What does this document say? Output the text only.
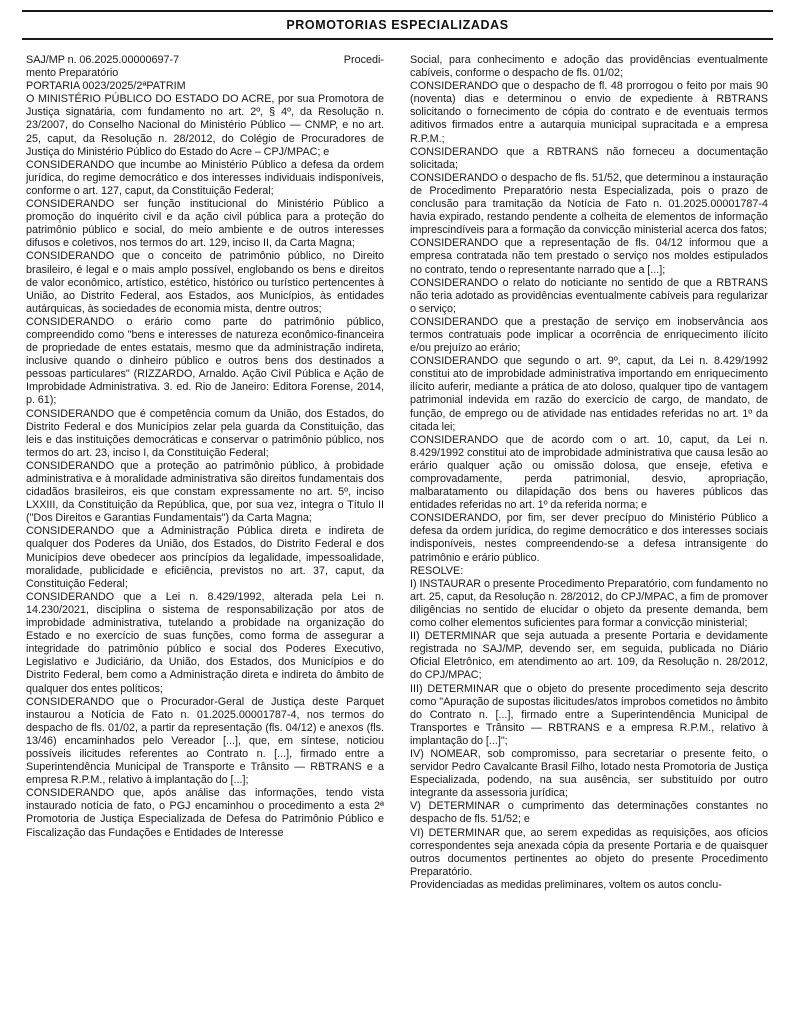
PROMOTORIAS ESPECIALIZADAS
SAJ/MP n. 06.2025.00000697-7	Procedi-

mento Preparatório

PORTARIA 0023/2025/2ªPATRIM

O MINISTÉRIO PÚBLICO DO ESTADO DO ACRE, por sua Promotora de Justiça signatária, com fundamento no art. 2º, § 4º, da Resolução n. 23/2007, do Conselho Nacional do Ministério Público — CNMP, e no art. 25, caput, da Resolução n. 28/2012, do Colégio de Procuradores de Justiça do Ministério Público do Estado do Acre – CPJ/MPAC; e

CONSIDERANDO que incumbe ao Ministério Público a defesa da ordem jurídica, do regime democrático e dos interesses individuais indisponíveis, conforme o art. 127, caput, da Constituição Federal;

CONSIDERANDO ser função institucional do Ministério Público a promoção do inquérito civil e da ação civil pública para a proteção do patrimônio público e social, do meio ambiente e de outros interesses difusos e coletivos, nos termos do art. 129, inciso II, da Carta Magna;

CONSIDERANDO que o conceito de patrimônio público, no Direito brasileiro, é legal e o mais amplo possível, englobando os bens e direitos de valor econômico, artístico, estético, histórico ou turístico pertencentes à União, ao Distrito Federal, aos Estados, aos Municípios, às entidades autárquicas, às sociedades de economia mista, dentre outros;

CONSIDERANDO o erário como parte do patrimônio público, compreendido como "bens e interesses de natureza econômico-financeira de propriedade de entes estatais, mesmo que da administração indireta, inclusive quando o dinheiro público e outros bens dos destinados a pessoas particulares" (RIZZARDO, Arnaldo. Ação Civil Pública e Ação de Improbidade Administrativa. 3. ed. Rio de Janeiro: Editora Forense, 2014, p. 61);

CONSIDERANDO que é competência comum da União, dos Estados, do Distrito Federal e dos Municípios zelar pela guarda da Constituição, das leis e das instituições democráticas e conservar o patrimônio público, nos termos do art. 23, inciso I, da Constituição Federal;

CONSIDERANDO que a proteção ao patrimônio público, à probidade administrativa e à moralidade administrativa são direitos fundamentais dos cidadãos brasileiros, eis que constam expressamente no art. 5º, inciso LXXIII, da Constituição da República, que, por sua vez, integra o Título II ("Dos Direitos e Garantias Fundamentais") da Carta Magna;

CONSIDERANDO que a Administração Pública direta e indireta de qualquer dos Poderes da União, dos Estados, do Distrito Federal e dos Municípios deve obedecer aos princípios da legalidade, impessoalidade, moralidade, publicidade e eficiência, previstos no art. 37, caput, da Constituição Federal;

CONSIDERANDO que a Lei n. 8.429/1992, alterada pela Lei n. 14.230/2021, disciplina o sistema de responsabilização por atos de improbidade administrativa, tutelando a probidade na organização do Estado e no exercício de suas funções, como forma de assegurar a integridade do patrimônio público e social dos Poderes Executivo, Legislativo e Judiciário, da União, dos Estados, dos Municípios e do Distrito Federal, bem como a Administração direta e indireta do âmbito de qualquer dos entes políticos;

CONSIDERANDO que o Procurador-Geral de Justiça deste Parquet instaurou a Notícia de Fato n. 01.2025.00001787-4, nos termos do despacho de fls. 01/02, a partir da representação (fls. 04/12) e anexos (fls. 13/46) encaminhados pelo Vereador [...], que, em síntese, noticiou possíveis ilicitudes referentes ao Contrato n. [...], firmado entre a Superintendência Municipal de Transporte e Trânsito — RBTRANS e a empresa R.P.M., relativo à implantação do [...];

CONSIDERANDO que, após análise das informações, tendo vista instaurado notícia de fato, o PGJ encaminhou o procedimento a esta 2ª Promotoria de Justiça Especializada de Defesa do Patrimônio Público e Fiscalização das Fundações e Entidades de Interesse

Social, para conhecimento e adoção das providências eventualmente cabíveis, conforme o despacho de fls. 01/02;

CONSIDERANDO que o despacho de fl. 48 prorrogou o feito por mais 90 (noventa) dias e determinou o envio de expediente à RBTRANS solicitando o fornecimento de cópia do contrato e de eventuais termos aditivos firmados entre a autarquia municipal supracitada e a empresa R.P.M.;

CONSIDERANDO que a RBTRANS não forneceu a documentação solicitada;

CONSIDERANDO o despacho de fls. 51/52, que determinou a instauração de Procedimento Preparatório nesta Especializada, pois o prazo de conclusão para tramitação da Notícia de Fato n. 01.2025.00001787-4 havia expirado, restando pendente a colheita de elementos de informação imprescindíveis para a formação da convicção ministerial acerca dos fatos;

CONSIDERANDO que a representação de fls. 04/12 informou que a empresa contratada não tem prestado o serviço nos moldes estipulados no contrato, tendo o representante narrado que a [...];

CONSIDERANDO o relato do noticiante no sentido de que a RBTRANS não teria adotado as providências eventualmente cabíveis para regularizar o serviço;

CONSIDERANDO que a prestação de serviço em inobservância aos termos contratuais pode implicar a ocorrência de enriquecimento ilícito e/ou prejuízo ao erário;

CONSIDERANDO que segundo o art. 9º, caput, da Lei n. 8.429/1992 constitui ato de improbidade administrativa importando em enriquecimento ilícito auferir, mediante a prática de ato doloso, qualquer tipo de vantagem patrimonial indevida em razão do exercício de cargo, de mandato, de função, de emprego ou de atividade nas entidades referidas no art. 1º da citada lei;

CONSIDERANDO que de acordo com o art. 10, caput, da Lei n. 8.429/1992 constitui ato de improbidade administrativa que causa lesão ao erário qualquer ação ou omissão dolosa, que enseje, efetiva e comprovadamente, perda patrimonial, desvio, apropriação, malbaratamento ou dilapidação dos bens ou haveres públicos das entidades referidas no art. 1º da referida norma; e

CONSIDERANDO, por fim, ser dever precípuo do Ministério Público a defesa da ordem jurídica, do regime democrático e dos interesses sociais indisponíveis, nestes compreendendo-se a defesa intransigente do patrimônio e erário público.

RESOLVE:

I) INSTAURAR o presente Procedimento Preparatório, com fundamento no art. 25, caput, da Resolução n. 28/2012, do CPJ/MPAC, a fim de promover diligências no sentido de elucidar o objeto da presente demanda, bem como colher elementos suficientes para formar a convicção ministerial;

II) DETERMINAR que seja autuada a presente Portaria e devidamente registrada no SAJ/MP, devendo ser, em seguida, publicada no Diário Oficial Eletrônico, em atendimento ao art. 109, da Resolução n. 28/2012, do CPJ/MPAC;

III) DETERMINAR que o objeto do presente procedimento seja descrito como "Apuração de supostas ilicitudes/atos ímprobos cometidos no âmbito do Contrato n. [...], firmado entre a Superintendência Municipal de Transportes e Trânsito — RBTRANS e a empresa R.P.M., relativo à implantação do [...]";

IV) NOMEAR, sob compromisso, para secretariar o presente feito, o servidor Pedro Cavalcante Brasil Filho, lotado nesta Promotoria de Justiça Especializada, podendo, na sua ausência, ser substituído por outro integrante da assessoria jurídica;

V) DETERMINAR o cumprimento das determinações constantes no despacho de fls. 51/52; e

VI) DETERMINAR que, ao serem expedidas as requisições, aos ofícios correspondentes seja anexada cópia da presente Portaria e de quaisquer outros documentos pertinentes ao objeto do presente Procedimento Preparatório.

Providenciadas as medidas preliminares, voltem os autos conclu-
